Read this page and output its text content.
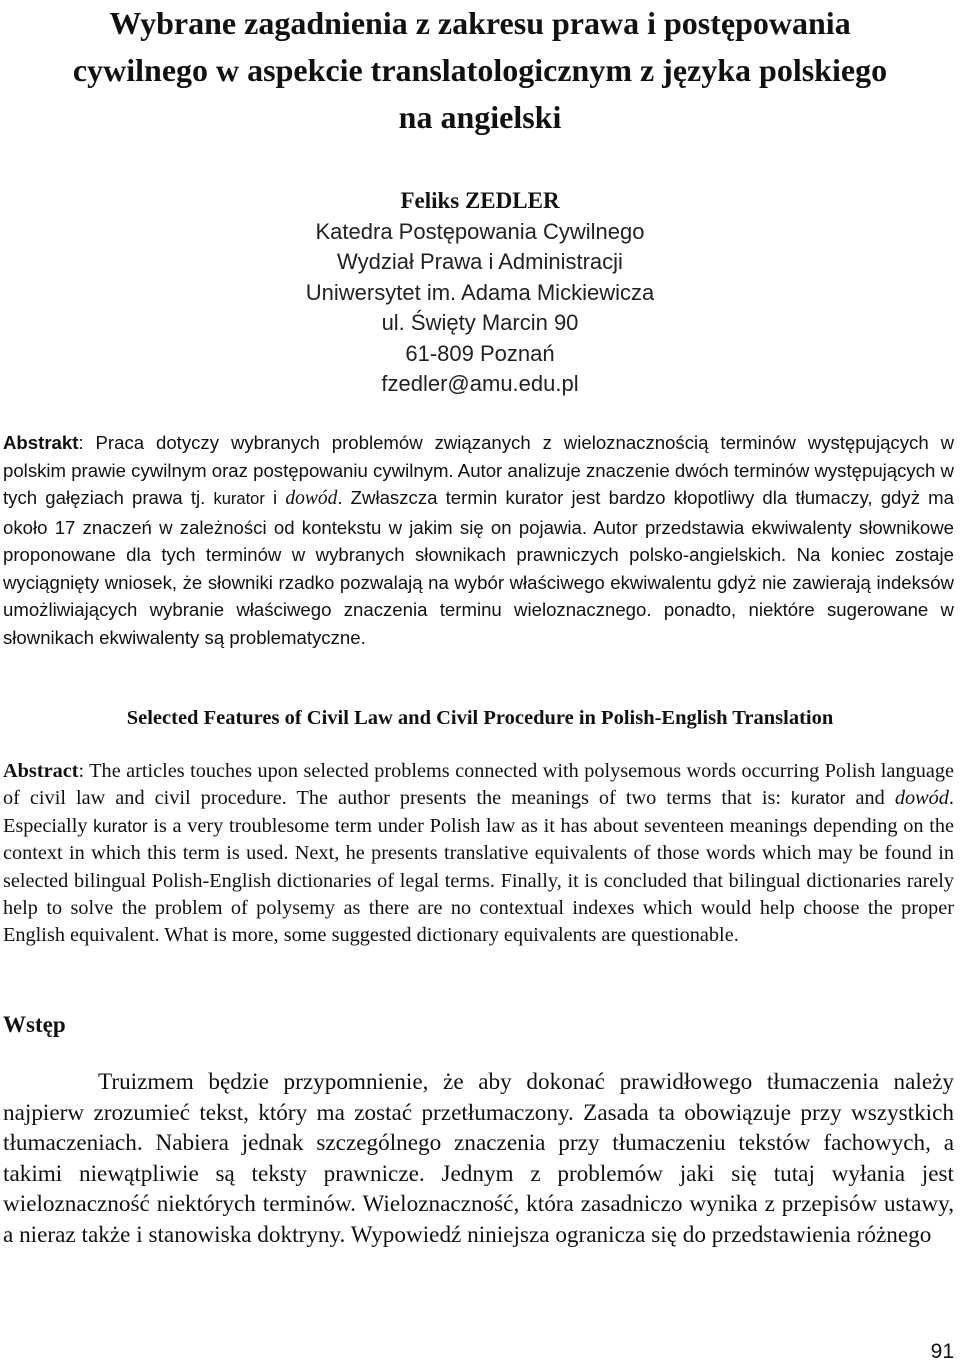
Wybrane zagadnienia z zakresu prawa i postępowania
cywilnego w aspekcie translatologicznym z języka polskiego
na angielski
Feliks ZEDLER
Katedra Postępowania Cywilnego
Wydział Prawa i Administracji
Uniwersytet im. Adama Mickiewicza
ul. Święty Marcin 90
61-809 Poznań
fzedler@amu.edu.pl

Abstrakt: Praca dotyczy wybranych problemów związanych z wieloznacznością terminów występujących w polskim prawie cywilnym oraz postępowaniu cywilnym. Autor analizuje znaczenie dwóch terminów występujących w tych gałęziach prawa tj. kurator i dowód. Zwłaszcza termin kurator jest bardzo kłopotliwy dla tłumaczy, gdyż ma około 17 znaczeń w zależności od kontekstu w jakim się on pojawia. Autor przedstawia ekwiwalenty słownikowe proponowane dla tych terminów w wybranych słownikach prawniczych polsko-angielskich. Na koniec zostaje wyciągnięty wniosek, że słowniki rzadko pozwalają na wybór właściwego ekwiwalentu gdyż nie zawierają indeksów umożliwiających wybranie właściwego znaczenia terminu wieloznacznego. ponadto, niektóre sugerowane w słownikach ekwiwalenty są problematyczne.

Selected Features of Civil Law and Civil Procedure in Polish-English Translation

Abstract: The articles touches upon selected problems connected with polysemous words occurring Polish language of civil law and civil procedure. The author presents the meanings of two terms that is: kurator and dowód. Especially kurator is a very troublesome term under Polish law as it has about seventeen meanings depending on the context in which this term is used. Next, he presents translative equivalents of those words which may be found in selected bilingual Polish-English dictionaries of legal terms. Finally, it is concluded that bilingual dictionaries rarely help to solve the problem of polysemy as there are no contextual indexes which would help choose the proper English equivalent. What is more, some suggested dictionary equivalents are questionable.

Wstęp

Truizmem będzie przypomnienie, że aby dokonać prawidłowego tłumaczenia należy najpierw zrozumieć tekst, który ma zostać przetłumaczony. Zasada ta obowiązuje przy wszystkich tłumaczeniach. Nabiera jednak szczególnego znaczenia przy tłumaczeniu tekstów fachowych, a takimi niewątpliwie są teksty prawnicze. Jednym z problemów jaki się tutaj wyłania jest wieloznaczność niektórych terminów. Wieloznaczność, która zasadniczo wynika z przepisów ustawy, a nieraz także i stanowiska doktryny. Wypowiedź niniejsza ogranicza się do przedstawienia różnego

91
